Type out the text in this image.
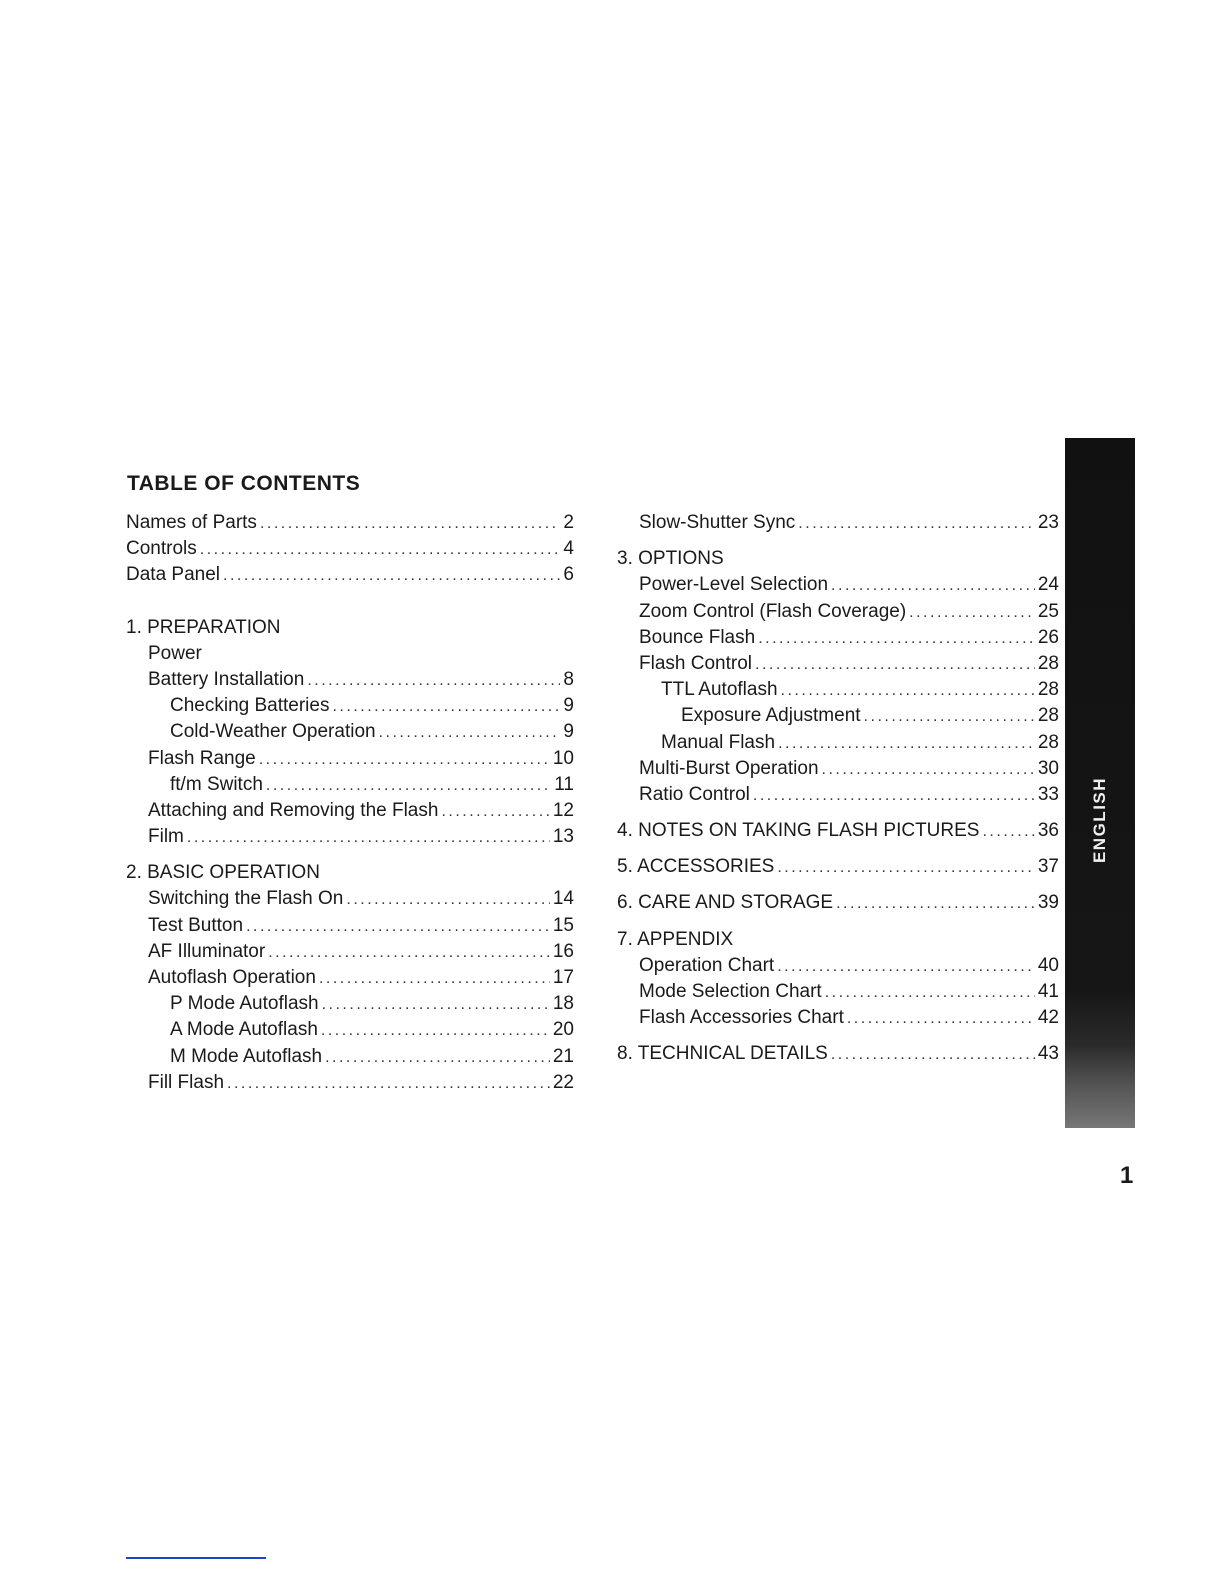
TABLE OF CONTENTS
Names of Parts .....	2
Controls .....	4
Data Panel .....	6
1. PREPARATION
Power
Battery Installation .....	8
Checking Batteries .....	9
Cold-Weather Operation .....	9
Flash Range .....	10
ft/m Switch .....	11
Attaching and Removing the Flash .....	12
Film .....	13
2. BASIC OPERATION
Switching the Flash On .....	14
Test Button .....	15
AF Illuminator .....	16
Autoflash Operation .....	17
P Mode Autoflash .....	18
A Mode Autoflash .....	20
M Mode Autoflash .....	21
Fill Flash .....	22
Slow-Shutter Sync .....	23
3. OPTIONS
Power-Level Selection .....	24
Zoom Control (Flash Coverage) .....	25
Bounce Flash .....	26
Flash Control .....	28
TTL Autoflash .....	28
Exposure Adjustment .....	28
Manual Flash .....	28
Multi-Burst Operation .....	30
Ratio Control .....	33
4. NOTES ON TAKING FLASH PICTURES .....	36
5. ACCESSORIES .....	37
6. CARE AND STORAGE .....	39
7. APPENDIX
Operation Chart .....	40
Mode Selection Chart .....	41
Flash Accessories Chart .....	42
8. TECHNICAL DETAILS .....	43
ENGLISH
1
